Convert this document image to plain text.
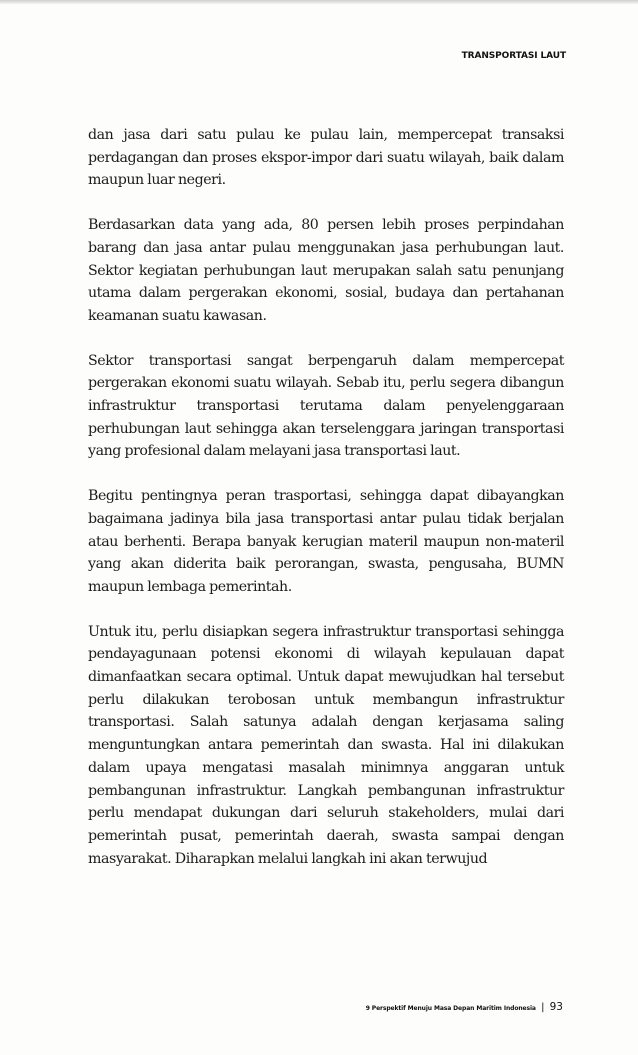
TRANSPORTASI LAUT

dan jasa dari satu pulau ke pulau lain, mempercepat transaksi perdagangan dan proses ekspor-impor dari suatu wilayah, baik dalam maupun luar negeri.

Berdasarkan data yang ada, 80 persen lebih proses perpindahan barang dan jasa antar pulau menggunakan jasa perhubungan laut. Sektor kegiatan perhubungan laut merupakan salah satu penunjang utama dalam pergerakan ekonomi, sosial, budaya dan pertahanan keamanan suatu kawasan.

Sektor transportasi sangat berpengaruh dalam mempercepat pergerakan ekonomi suatu wilayah. Sebab itu, perlu segera dibangun infrastruktur transportasi terutama dalam penyelenggaraan perhubungan laut sehingga akan terselenggara jaringan transportasi yang profesional dalam melayani jasa transportasi laut.

Begitu pentingnya peran trasportasi, sehingga dapat dibayangkan bagaimana jadinya bila jasa transportasi antar pulau tidak berjalan atau berhenti. Berapa banyak kerugian materil maupun non-materil yang akan diderita baik perorangan, swasta, pengusaha, BUMN maupun lembaga pemerintah.

Untuk itu, perlu disiapkan segera infrastruktur transportasi sehingga pendayagunaan potensi ekonomi di wilayah kepulauan dapat dimanfaatkan secara optimal. Untuk dapat mewujudkan hal tersebut perlu dilakukan terobosan untuk membangun infrastruktur transportasi. Salah satunya adalah dengan kerjasama saling menguntungkan antara pemerintah dan swasta. Hal ini dilakukan dalam upaya mengatasi masalah minimnya anggaran untuk pembangunan infrastruktur. Langkah pembangunan infrastruktur perlu mendapat dukungan dari seluruh stakeholders, mulai dari pemerintah pusat, pemerintah daerah, swasta sampai dengan masyarakat. Diharapkan melalui langkah ini akan terwujud

9 Perspektif Menuju Masa Depan Maritim Indonesia | 93
